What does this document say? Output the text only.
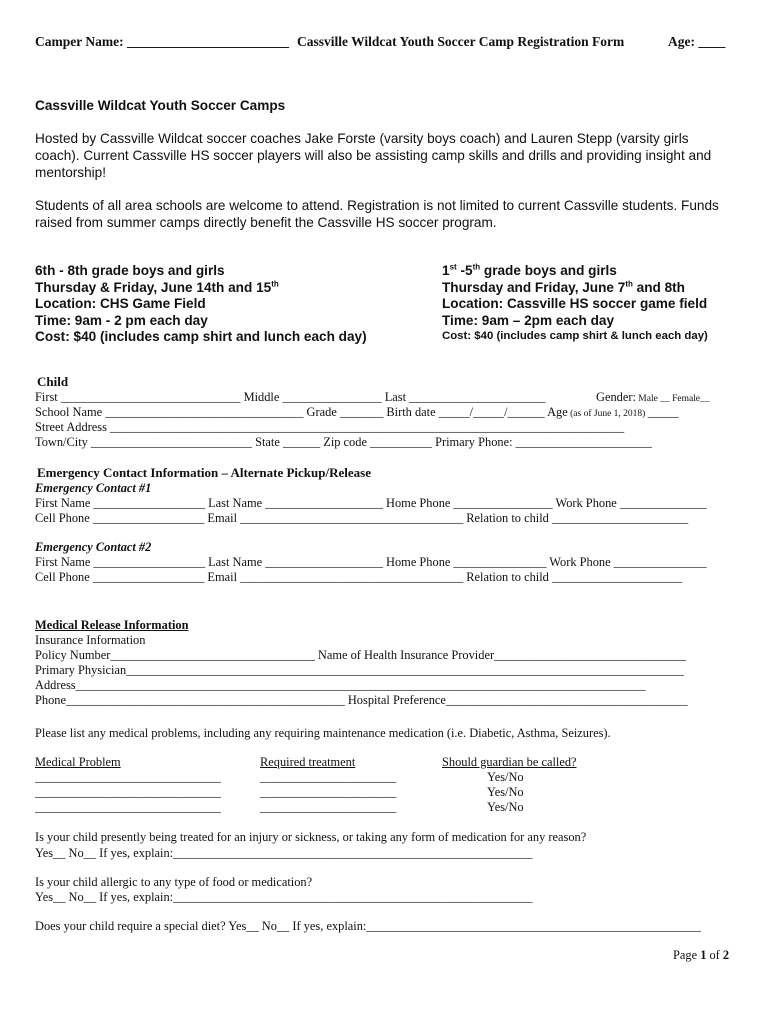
Camper Name: ________________________ Cassville Wildcat Youth Soccer Camp Registration Form	Age: ____
Cassville Wildcat Youth Soccer Camps
Hosted by Cassville Wildcat soccer coaches Jake Forste (varsity boys coach) and Lauren Stepp (varsity girls coach). Current Cassville HS soccer players will also be assisting camp skills and drills and providing insight and mentorship!
Students of all area schools are welcome to attend. Registration is not limited to current Cassville students. Funds raised from summer camps directly benefit the Cassville HS soccer program.
6th - 8th grade boys and girls
Thursday & Friday, June 14th and 15th
Location: CHS Game Field
Time: 9am - 2 pm each day
Cost: $40 (includes camp shirt and lunch each day)
1st -5th grade boys and girls
Thursday and Friday, June 7th and 8th
Location: Cassville HS soccer game field
Time: 9am – 2pm each day
Cost: $40 (includes camp shirt & lunch each day)
Child
First _____________________________ Middle ________________ Last ______________________	Gender: Male __ Female__
School Name ________________________________ Grade _______ Birth date _____/_____/______ Age (as of June 1, 2018) _____
Street Address ___________________________________________________________________________________
Town/City __________________________ State ______ Zip code __________ Primary Phone: ______________________
Emergency Contact Information – Alternate Pickup/Release
Emergency Contact #1
First Name __________________ Last Name ___________________ Home Phone ________________ Work Phone ______________
Cell Phone __________________ Email ____________________________________ Relation to child ______________________
Emergency Contact #2
First Name __________________ Last Name ___________________ Home Phone _______________ Work Phone _______________
Cell Phone __________________ Email ____________________________________ Relation to child _____________________
Medical Release Information
Insurance Information
Policy Number_________________________________ Name of Health Insurance Provider_______________________________
Primary Physician__________________________________________________________________________________________
Address____________________________________________________________________________________________
Phone_____________________________________________ Hospital Preference_______________________________________
Please list any medical problems, including any requiring maintenance medication (i.e. Diabetic, Asthma, Seizures).
Medical Problem	Required treatment	Should guardian be called?
______________________________	______________________	Yes/No
______________________________	______________________	Yes/No
______________________________	______________________	Yes/No
Is your child presently being treated for an injury or sickness, or taking any form of medication for any reason?
Yes__ No__ If yes, explain:__________________________________________________________
Is your child allergic to any type of food or medication?
Yes__ No__ If yes, explain:__________________________________________________________
Does your child require a special diet? Yes__ No__ If yes, explain:______________________________________________________
Page 1 of 2
